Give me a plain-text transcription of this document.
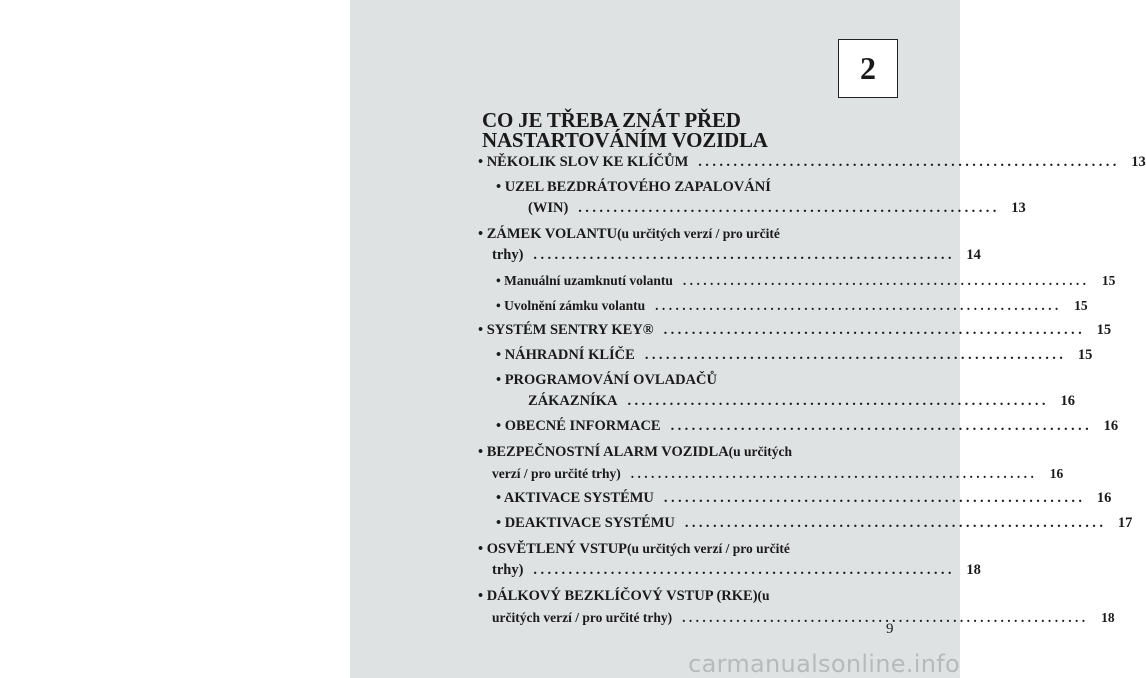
2
CO JE TŘEBA ZNÁT PŘED
NASTARTOVÁNÍM VOZIDLA
• NĚKOLIK SLOV KE KLÍČŮM ............................................................ 13
• UZEL BEZDRÁTOVÉHO ZAPALOVÁNÍ
(WIN) ............................................................ 13
• ZÁMEK VOLANTU (u určitých verzí / pro určité
trhy) ............................................................ 14
• Manuální uzamknutí volantu ............................................................ 15
• Uvolnění zámku volantu ............................................................ 15
• SYSTÉM SENTRY KEY® ............................................................ 15
• NÁHRADNÍ KLÍČE ............................................................ 15
• PROGRAMOVÁNÍ OVLADAČŮ
ZÁKAZNÍKA ............................................................ 16
• OBECNÉ INFORMACE ............................................................ 16
• BEZPEČNOSTNÍ ALARM VOZIDLA (u určitých
verzí / pro určité trhy) ............................................................ 16
• AKTIVACE SYSTÉMU ............................................................ 16
• DEAKTIVACE SYSTÉMU ............................................................ 17
• OSVĚTLENÝ VSTUP (u určitých verzí / pro určité
trhy) ............................................................ 18
• DÁLKOVÝ BEZKLÍČOVÝ VSTUP (RKE) (u
určitých verzí / pro určité trhy) ............................................................ 18
9
carmanualsonline.info
